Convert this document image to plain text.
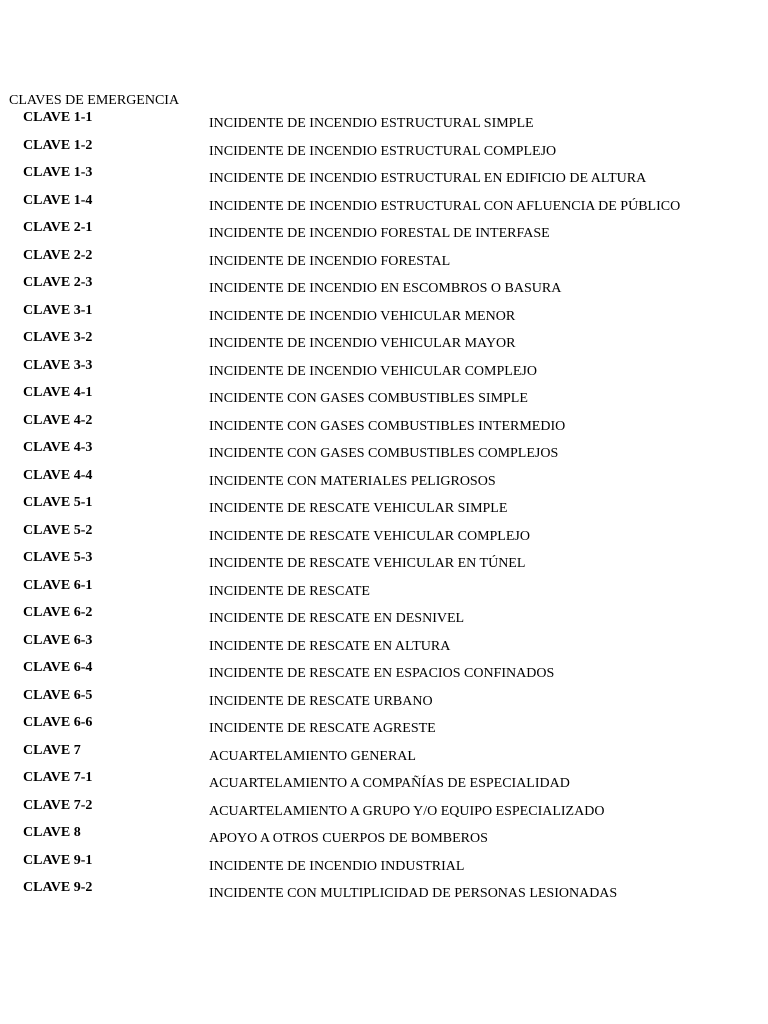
CLAVES DE EMERGENCIA
CLAVE 1-1	INCIDENTE DE INCENDIO ESTRUCTURAL SIMPLE
CLAVE 1-2	INCIDENTE DE INCENDIO ESTRUCTURAL COMPLEJO
CLAVE 1-3	INCIDENTE DE INCENDIO ESTRUCTURAL EN EDIFICIO DE ALTURA
CLAVE 1-4	INCIDENTE DE INCENDIO ESTRUCTURAL CON AFLUENCIA DE PÚBLICO
CLAVE 2-1	INCIDENTE DE INCENDIO FORESTAL DE INTERFASE
CLAVE 2-2	INCIDENTE DE INCENDIO FORESTAL
CLAVE 2-3	INCIDENTE DE INCENDIO EN ESCOMBROS O BASURA
CLAVE 3-1	INCIDENTE DE INCENDIO VEHICULAR MENOR
CLAVE 3-2	INCIDENTE DE INCENDIO VEHICULAR MAYOR
CLAVE 3-3	INCIDENTE DE INCENDIO VEHICULAR COMPLEJO
CLAVE 4-1	INCIDENTE CON GASES COMBUSTIBLES SIMPLE
CLAVE 4-2	INCIDENTE CON GASES COMBUSTIBLES INTERMEDIO
CLAVE 4-3	INCIDENTE CON GASES COMBUSTIBLES COMPLEJOS
CLAVE 4-4	INCIDENTE CON MATERIALES PELIGROSOS
CLAVE 5-1	INCIDENTE DE RESCATE VEHICULAR SIMPLE
CLAVE 5-2	INCIDENTE DE RESCATE VEHICULAR COMPLEJO
CLAVE 5-3	INCIDENTE DE RESCATE VEHICULAR EN TÚNEL
CLAVE 6-1	INCIDENTE DE RESCATE
CLAVE 6-2	INCIDENTE DE RESCATE EN DESNIVEL
CLAVE 6-3	INCIDENTE DE RESCATE EN ALTURA
CLAVE 6-4	INCIDENTE DE RESCATE EN ESPACIOS CONFINADOS
CLAVE 6-5	INCIDENTE DE RESCATE URBANO
CLAVE 6-6	INCIDENTE DE RESCATE AGRESTE
CLAVE 7	ACUARTELAMIENTO GENERAL
CLAVE 7-1	ACUARTELAMIENTO A COMPAÑÍAS DE ESPECIALIDAD
CLAVE 7-2	ACUARTELAMIENTO A GRUPO Y/O EQUIPO ESPECIALIZADO
CLAVE 8	APOYO A OTROS CUERPOS DE BOMBEROS
CLAVE 9-1	INCIDENTE DE INCENDIO INDUSTRIAL
CLAVE 9-2	INCIDENTE CON MULTIPLICIDAD DE PERSONAS LESIONADAS
